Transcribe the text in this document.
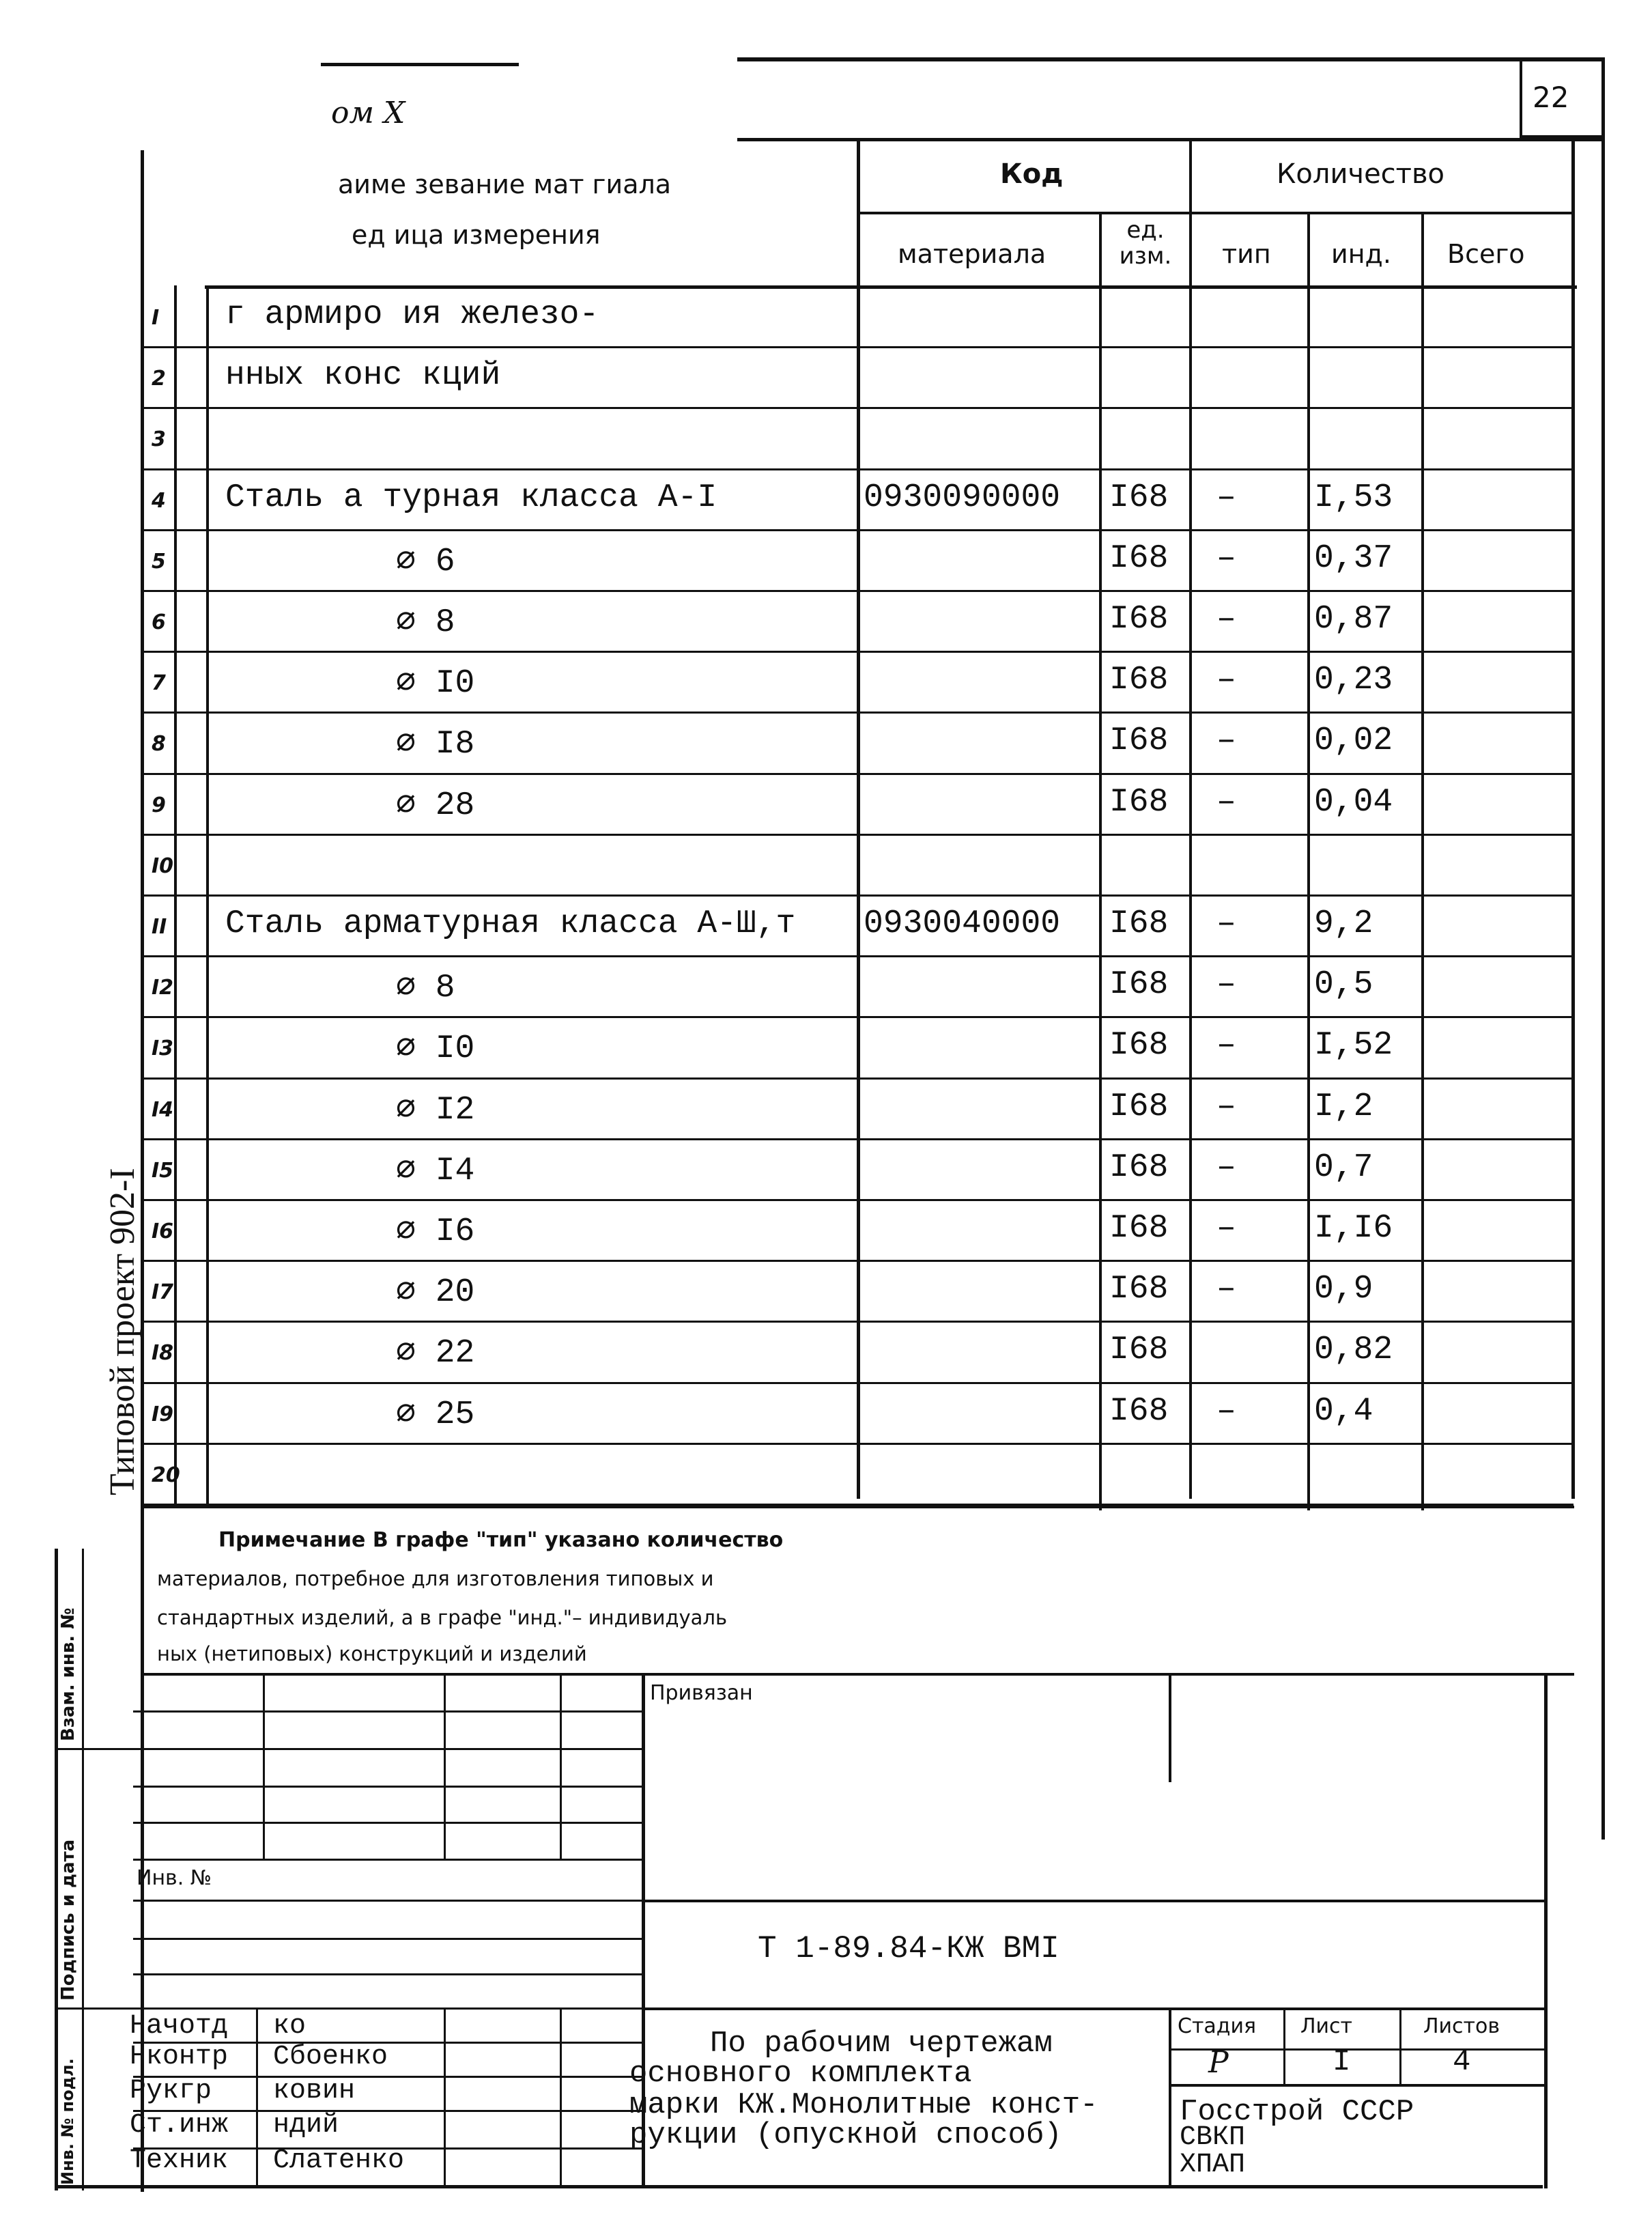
22
ом X
аиме зевание мат гиала
ед ица измерения
Код	Количество
материала
ед. изм.	тип инд. Всего
I г армиро ия железо-
2 нных конс кций
3
4 Сталь а турная класса А-I	0930090000 I68 – I,53
5	∅ 6	I68 – 0,37
6	∅ 8	I68 – 0,87
7	∅ I0	I68 – 0,23
8	∅ I8	I68 – 0,02
9	∅ 28	I68 – 0,04
I0
II Сталь арматурная класса А-Ш,т 0930040000 I68 – 9,2
I2	∅ 8	I68 – 0,5
I3	∅ I0	I68 – I,52
I4	∅ I2	I68 – I,2
I5	∅ I4	I68 – 0,7
I6	∅ I6	I68 – I,I6
I7	∅ 20	I68 – 0,9
I8	∅ 22	I68	0,82
I9	∅ 25	I68 – 0,4
20
Примечание В графе "тип" указано количество
материалов, потребное для изготовления типовых и
стандартных изделий, а в графе "инд."– индивидуаль
ных (нетиповых) конструкций и изделий
Привязан
Инв. №
Т 1-89.84-КЖ ВМI
По рабочим чертежам
основного комплекта
марки КЖ.Монолитные конст-
рукции (опускной способ)
Стадия Лист	Листов
Р	I	4
Госстрой СССР
СВКП
ХПАП
Начотд ко
Нконтр Сбоенко
Рукгр ковин
Ст.инж ндий
Техник Слатенко
Типовой проект 902-I
Взам. инв. №
Подпись и дата
Инв. № подл.
